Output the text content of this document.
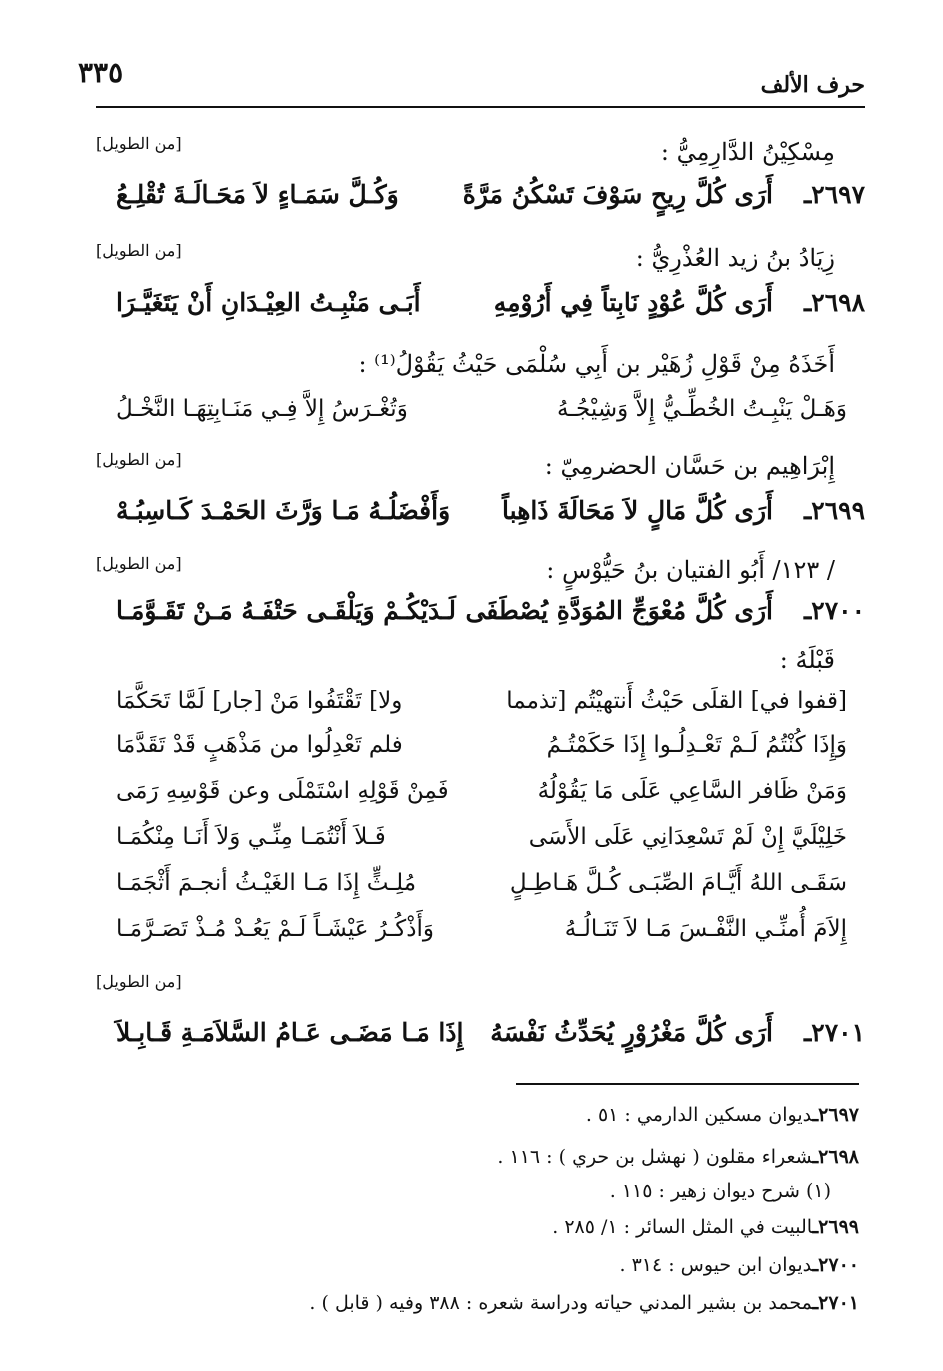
حرف الألف
٣٣٥
مِسْكِيْنُ الدَّارِمِيُّ :
[من الطويل]
٢٦٩٧ـ
أَرَى كُلَّ رِيحٍ سَوْفَ تَسْكُنُ مَرَّةً
وَكُـلَّ سَمَـاءٍ لاَ مَحَـالَـةَ تُقْلِـعُ
زِيَادُ بنُ زيد العُذْرِيُّ :
[من الطويل]
٢٦٩٨ـ
أَرَى كُلَّ عُوْدٍ نَابِتاً فِي أَرُوْمِهِ
أَبَـى مَنْبِـتُ العِيْـدَانِ أَنْ يَتَغَيَّـرَا
أَخَذَهُ مِنْ قَوْلِ زُهَيْر بن أَبِي سُلْمَى حَيْثُ يَقُوْلُ⁽¹⁾ :
وَهَـلْ يَنْبِـتُ الخُطِّـيُّ إِلاَّ وَشِيْجُـهُ
وَتُغْـرَسُ إِلاَّ فِـي مَنَـابِتِهَـا النَّخْـلُ
إِبْرَاهِيم بن حَسَّان الحضرمِيّ :
[من الطويل]
٢٦٩٩ـ
أَرَى كُلَّ مَالٍ لاَ مَحَالَةَ ذَاهِباً
وَأَفْضَلُـهُ مَـا وَرَّثَ الحَمْـدَ كَـاسِبُـهْ
/ ١٢٣/ أَبُو الفتيان بنُ حَيُّوْسٍ :
[من الطويل]
٢٧٠٠ـ
أَرَى كُلَّ مُعْوَجِّ المُوَدَّةِ يُصْطَفَى
لَـدَيْكُـمْ وَيَلْقَـى حَتْفَـهُ مَـنْ تَقَـوَّمَـا
قَبْلَهُ :
[قفوا في] القلَى حَيْثُ أَنتهيْتُم [تذمما
ولا] تَقْتَفُوا مَنْ [جار] لَمَّا تَحَكَّمَا
وَإِذَا كُنْتُمُ لَـمْ تَعْـدِلُـوا إِذَا حَكَمْتُـمُ
فلم تَعْدِلُوا من مَذْهَبٍ قَدْ تَقَدَّمَا
وَمَنْ ظَافر السَّاعِي عَلَى مَا يَقُوْلُهُ
فَمِنْ قَوْلِهِ اسْتَمْلَى وعن قَوْسِهِ رَمَى
خَلِيْلَيَّ إِنْ لَمْ تَسْعِدَانِي عَلَى الأَسَى
فَـلاَ أَنْتُمَـا مِنِّـي وَلاَ أَنَـا مِنْكُمَـا
سَقَـى اللهُ أَيَّـامَ الصِّبَـى كُـلَّ هَـاطِـلٍ
مُلِـثٍّ إِذَا مَـا الغَيْـثُ أنجـمَ أَثْجَمَـا
إِلاَمَ أُمنِّـي النَّفْـسَ مَـا لاَ تَنَـالُـهُ
وَأَذْكُـرُ عَيْشَـاً لَـمْ يَعُـدْ مُـذْ تَصَـرَّمَـا
[من الطويل]
٢٧٠١ـ
أَرَى كُلَّ مَغْرُوْرٍ يُحَدِّثُ نَفْسَهُ
إِذَا مَـا مَضَـى عَـامُ السَّلاَمَـةِ قَـابِـلاَ
٢٦٩٧ـديوان مسكين الدارمي : ٥١ .
٢٦٩٨ـشعراء مقلون ( نهشل بن حري ) : ١١٦ .
(١) شرح ديوان زهير : ١١٥ .
٢٦٩٩ـالبيت في المثل السائر : ١/ ٢٨٥ .
٢٧٠٠ـديوان ابن حيوس : ٣١٤ .
٢٧٠١ـمحمد بن بشير المدني حياته ودراسة شعره : ٣٨٨ وفيه ( قابل ) .
